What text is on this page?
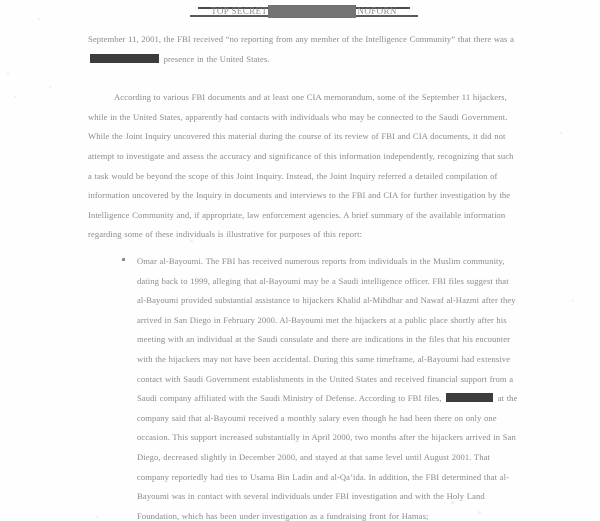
TOP SECRET	NOFORN

September 11, 2001, the FBI received “no reporting from any member of the Intelligence Community” that there was a  presence in the United States.

According to various FBI documents and at least one CIA memorandum, some of the September 11 hijackers, while in the United States, apparently had contacts with individuals who may be connected to the Saudi Government. While the Joint Inquiry uncovered this material during the course of its review of FBI and CIA documents, it did not attempt to investigate and assess the accuracy and significance of this information independently, recognizing that such a task would be beyond the scope of this Joint Inquiry. Instead, the Joint Inquiry referred a detailed compilation of information uncovered by the Inquiry in documents and interviews to the FBI and CIA for further investigation by the Intelligence Community and, if appropriate, law enforcement agencies. A brief summary of the available information regarding some of these individuals is illustrative for purposes of this report:

Omar al-Bayoumi. The FBI has received numerous reports from individuals in the Muslim community, dating back to 1999, alleging that al-Bayoumi may be a Saudi intelligence officer. FBI files suggest that al-Bayoumi provided substantial assistance to hijackers Khalid al-Mihdhar and Nawaf al-Hazmi after they arrived in San Diego in February 2000. Al-Bayoumi met the hijackers at a public place shortly after his meeting with an individual at the Saudi consulate and there are indications in the files that his encounter with the hijackers may not have been accidental. During this same timeframe, al-Bayoumi had extensive contact with Saudi Government establishments in the United States and received financial support from a Saudi company affiliated with the Saudi Ministry of Defense. According to FBI files,	at the company said that al-Bayoumi received a monthly salary even though he had been there on only one occasion. This support increased substantially in April 2000, two months after the hijackers arrived in San Diego, decreased slightly in December 2000, and stayed at that same level until August 2001. That company reportedly had ties to Usama Bin Ladin and al-Qa’ida. In addition, the FBI determined that al-Bayoumi was in contact with several individuals under FBI investigation and with the Holy Land Foundation, which has been under investigation as a fundraising front for Hamas;
